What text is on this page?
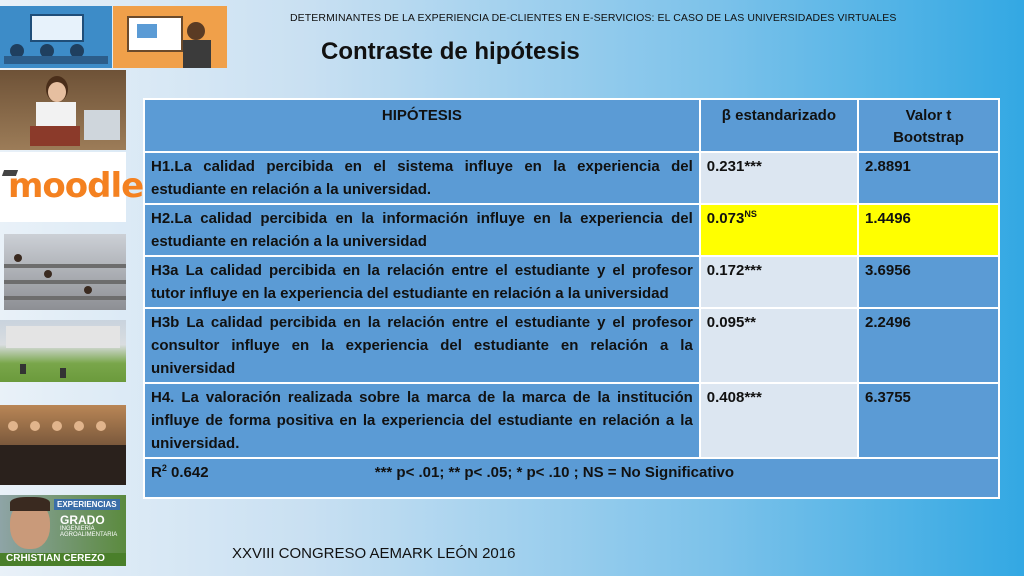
DETERMINANTES DE LA EXPERIENCIA DE-CLIENTES EN E-SERVICIOS: EL CASO DE LAS UNIVERSIDADES VIRTUALES
Contraste de hipótesis
moodle
EXPERIENCIAS
GRADO
INGENIERÍA AGROALIMENTARIA
CRHISTIAN CEREZO
HIPÓTESIS	β estandarizado	Valor t
Bootstrap

H1.La calidad percibida en el sistema influye en la experiencia del estudiante en relación a la universidad.	0.231***	2.8891
H2.La calidad percibida en la información influye en la experiencia del estudiante en relación a la universidad	$0.073^{NS}$	1.4496
H3a La calidad percibida en la relación entre el estudiante y el profesor tutor influye en la experiencia del estudiante en relación a la universidad	0.172***	3.6956
H3b La calidad percibida en la relación entre el estudiante y el profesor consultor influye en la experiencia del estudiante en relación a la universidad	0.095**	2.2496
H4. La valoración realizada sobre la marca de la marca de la institución influye de forma positiva en la experiencia del estudiante en relación a la universidad.	0.408***	6.3755
$R^2$ 0.642 *** p< .01; ** p< .05; * p< .10 ; NS = No Significativo		
XXVIII CONGRESO AEMARK LEÓN 2016
